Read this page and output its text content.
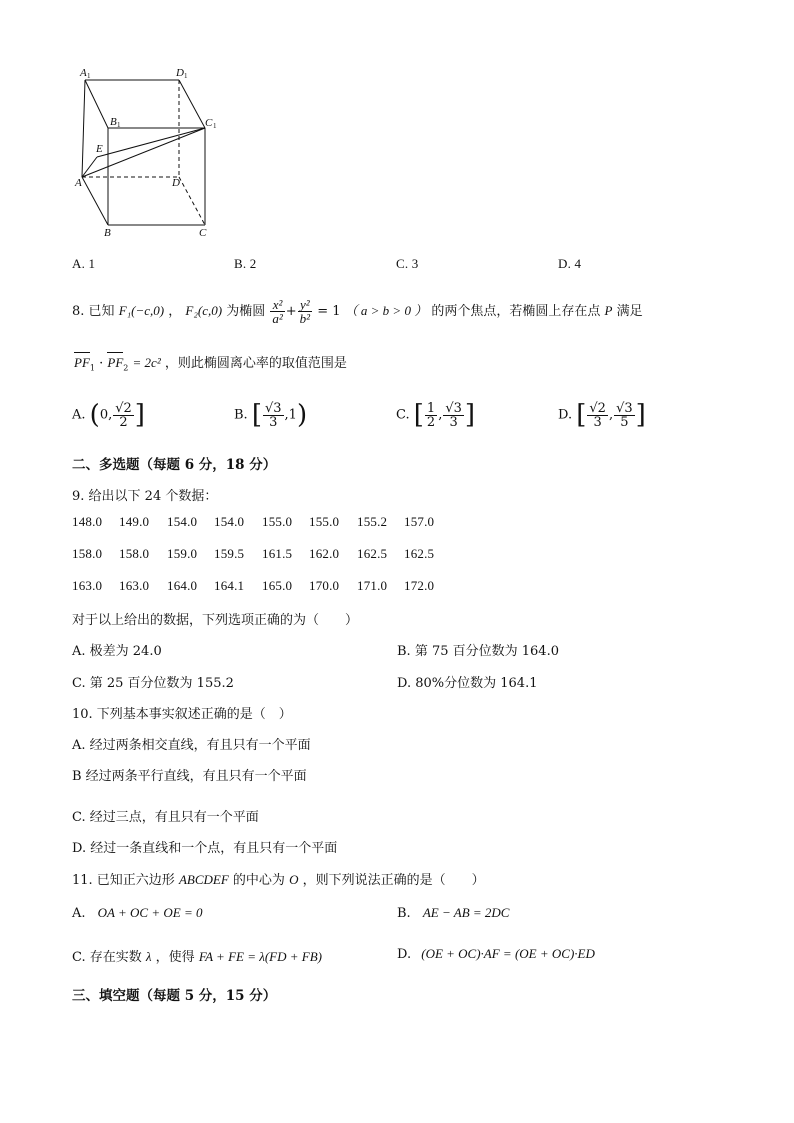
A 1	D 1
B 1	C 1
E
A	D
B	C
A. 1	B. 2	C. 3	D. 4
8. 已知 F₁(−c,0) ， F₂(c,0) 为椭圆 $\frac{\text{x²}}{\text{a²}} + \frac{\text{y²}}{\text{b²}} = 1$ （ a > b > 0 ） 的两个焦点，若椭圆上存在点 P 满足
$PF_1 \cdot PF_2 = 2c^2$ ，则此椭圆离心率的取值范围是
A. (0, $\frac{√2}{2}$ ]	B. [ $\frac{√3}{3} ,1$)	C. [ $\frac{1}{2}$ , $\frac{√3}{3}$ ]	D. [ $\frac{√2}{3}$ , $\frac{√3}{5}$ ]
二、多选题（每题 6 分，18 分）
9. 给出以下 24 个数据：
148.0 149.0 154.0 154.0 155.0 155.0 155.2 157.0
158.0 158.0 159.0 159.5 161.5 162.0 162.5 162.5
163.0 163.0 164.0 164.1 165.0 170.0 171.0 172.0
对于以上给出的数据，下列选项正确的为（　　）
A. 极差为 24.0	B. 第 75 百分位数为 164.0
C. 第 25 百分位数为 155.2	D. 80%分位数为 164.1
10. 下列基本事实叙述正确的是（　）
A. 经过两条相交直线，有且只有一个平面
B 经过两条平行直线，有且只有一个平面
C. 经过三点，有且只有一个平面
D. 经过一条直线和一个点，有且只有一个平面
11. 已知正六边形 ABCDEF 的中心为 O ，则下列说法正确的是（　　）
A. OA + OC + OE = 0	B. AE − AB = 2DC
C. 存在实数 λ ，使得 FA + FE = λ(FD + FB)	D. (OE + OC)·AF = (OE + OC)·ED
三、填空题（每题 5 分，15 分）
